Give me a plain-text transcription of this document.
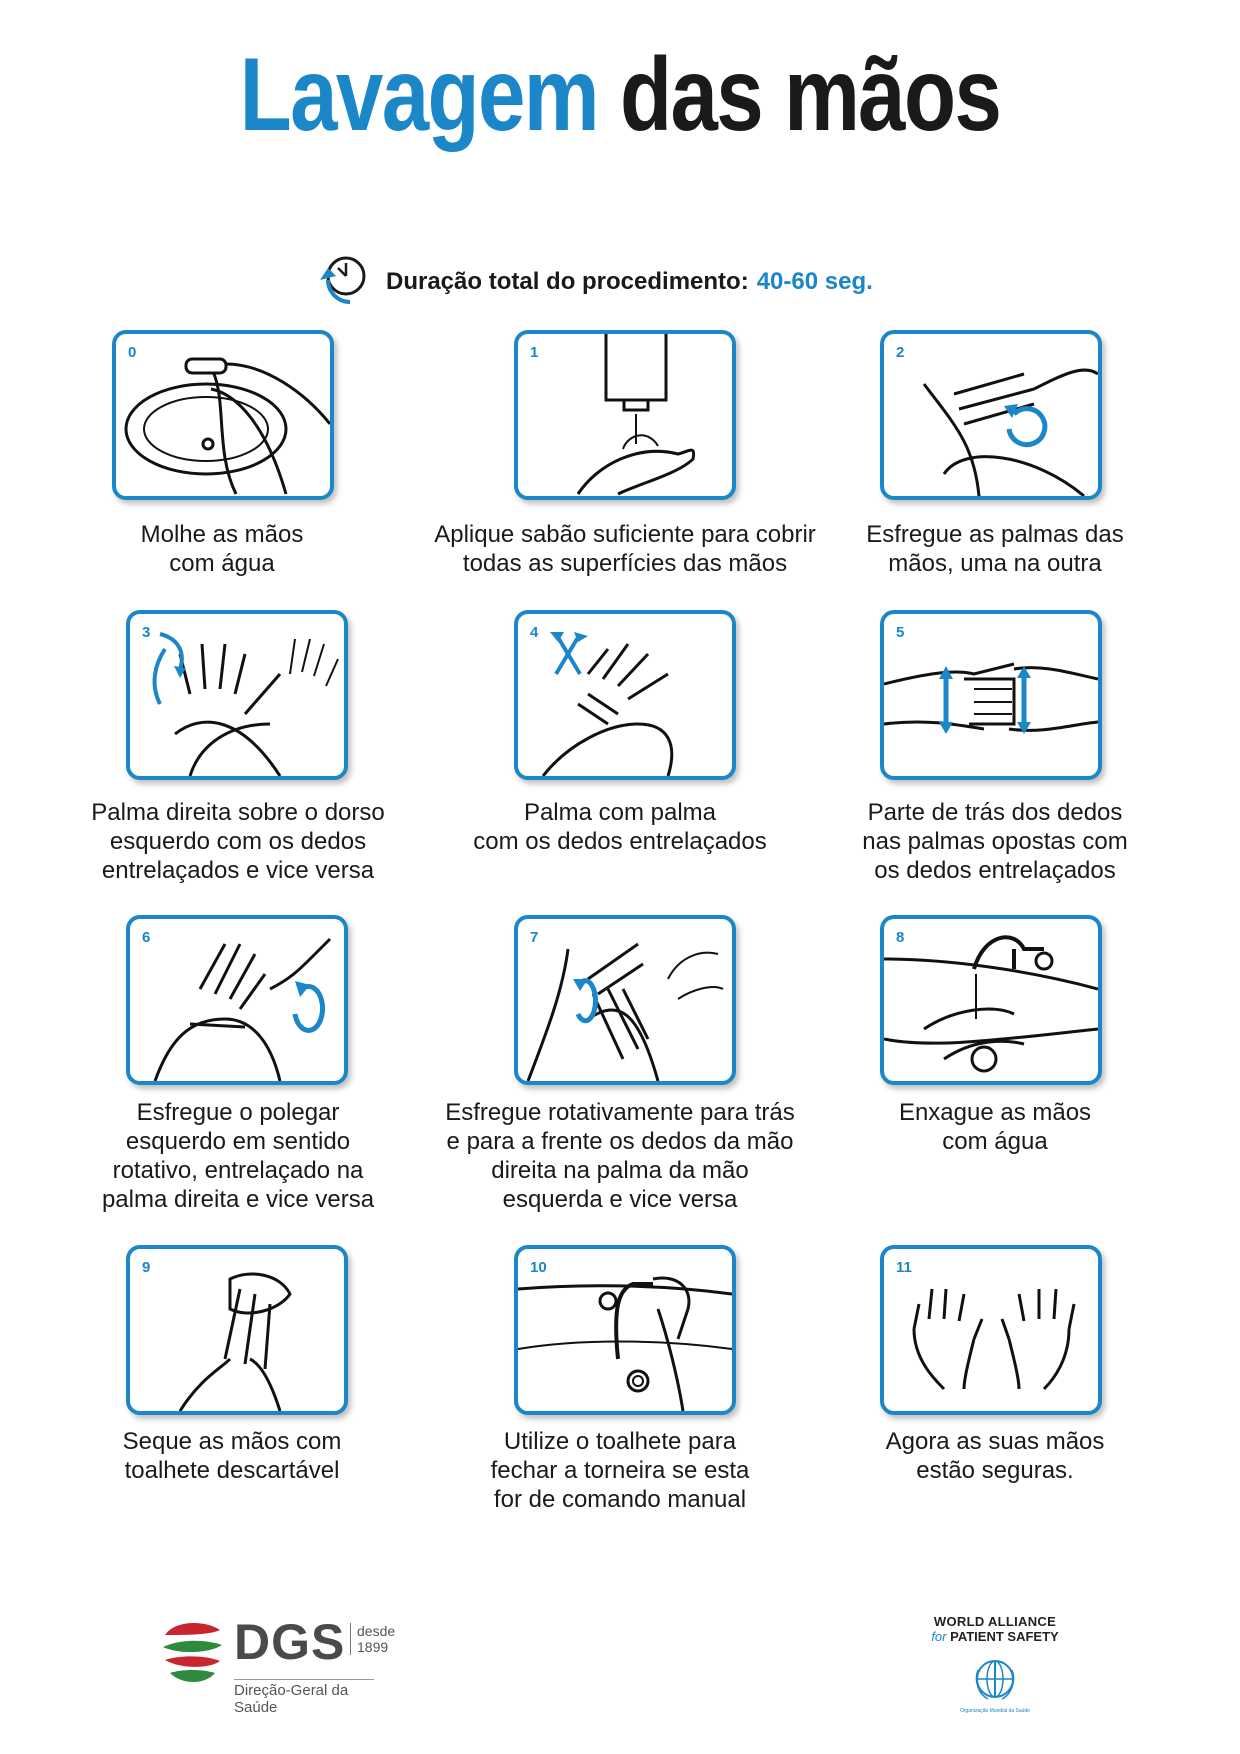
Lavagem das mãos
Duração total do procedimento: 40-60 seg.
0
Molhe as mãos
com água
1
Aplique sabão suficiente para cobrir
todas as superfícies das mãos
2
Esfregue as palmas das
mãos, uma na outra
3
Palma direita sobre o dorso
esquerdo com os dedos
entrelaçados e vice versa
4
Palma com palma
com os dedos entrelaçados
5
Parte de trás dos dedos
nas palmas opostas com
os dedos entrelaçados
6
Esfregue o polegar
esquerdo em sentido
rotativo, entrelaçado na
palma direita e vice versa
7
Esfregue rotativamente para trás
e para a frente os dedos da mão
direita na palma da mão
esquerda e vice versa
8
Enxague as mãos
com água
9
Seque as mãos com
toalhete descartável
10
Utilize o toalhete para
fechar a torneira se esta
for de comando manual
11
Agora as suas mãos
estão seguras.
DGS desde
1899
Direção-Geral da Saúde
WORLD ALLIANCE
for PATIENT SAFETY
Organização Mundial da Saúde
